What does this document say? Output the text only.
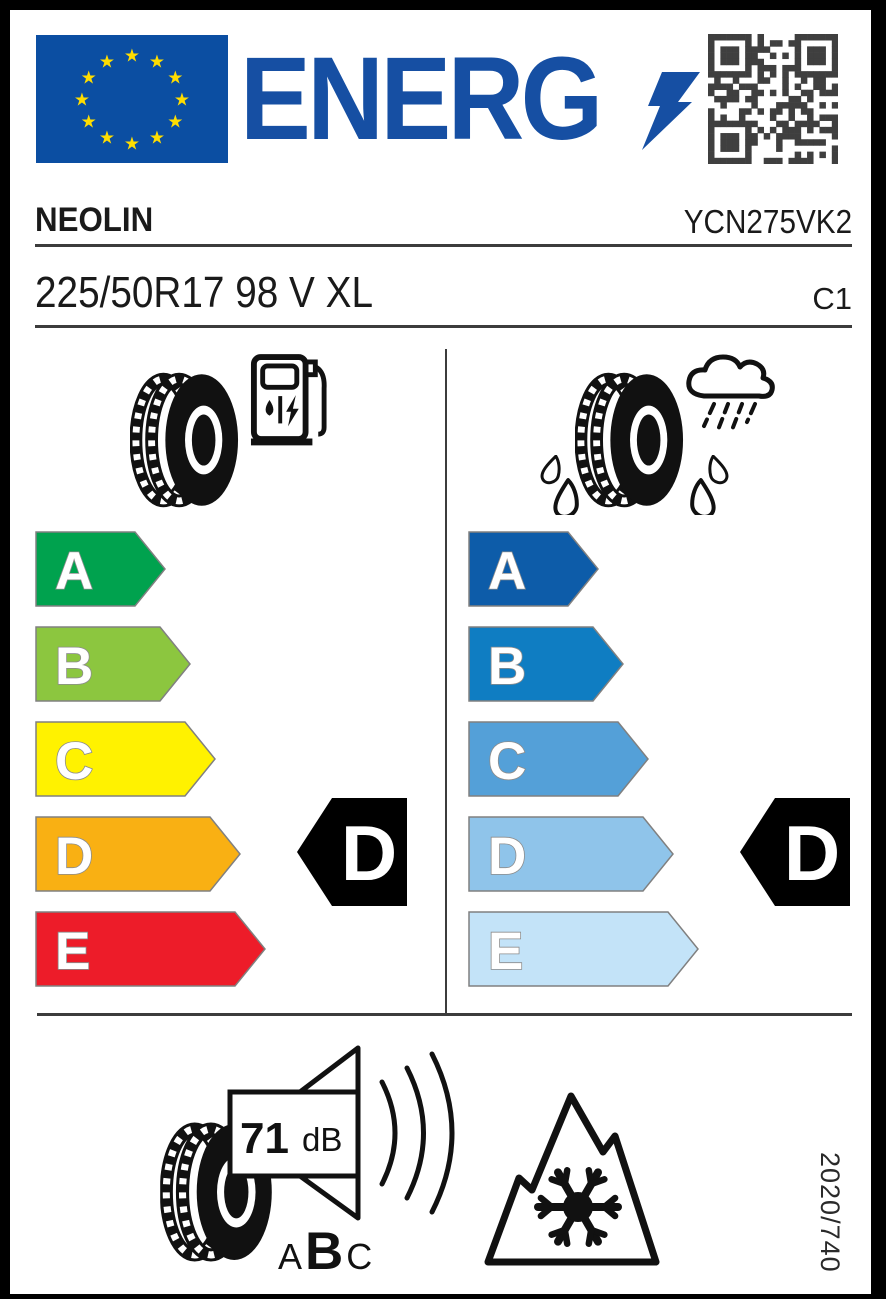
★ ★
★
★
★
★
★
★
★
★
★
★ ENERG
NEOLIN	YCN275VK2
225/50R17 98 V XL	C1
A
B
C
D
E
A
B
C
D
E
D	D
71 dB
A B C	2020/740
